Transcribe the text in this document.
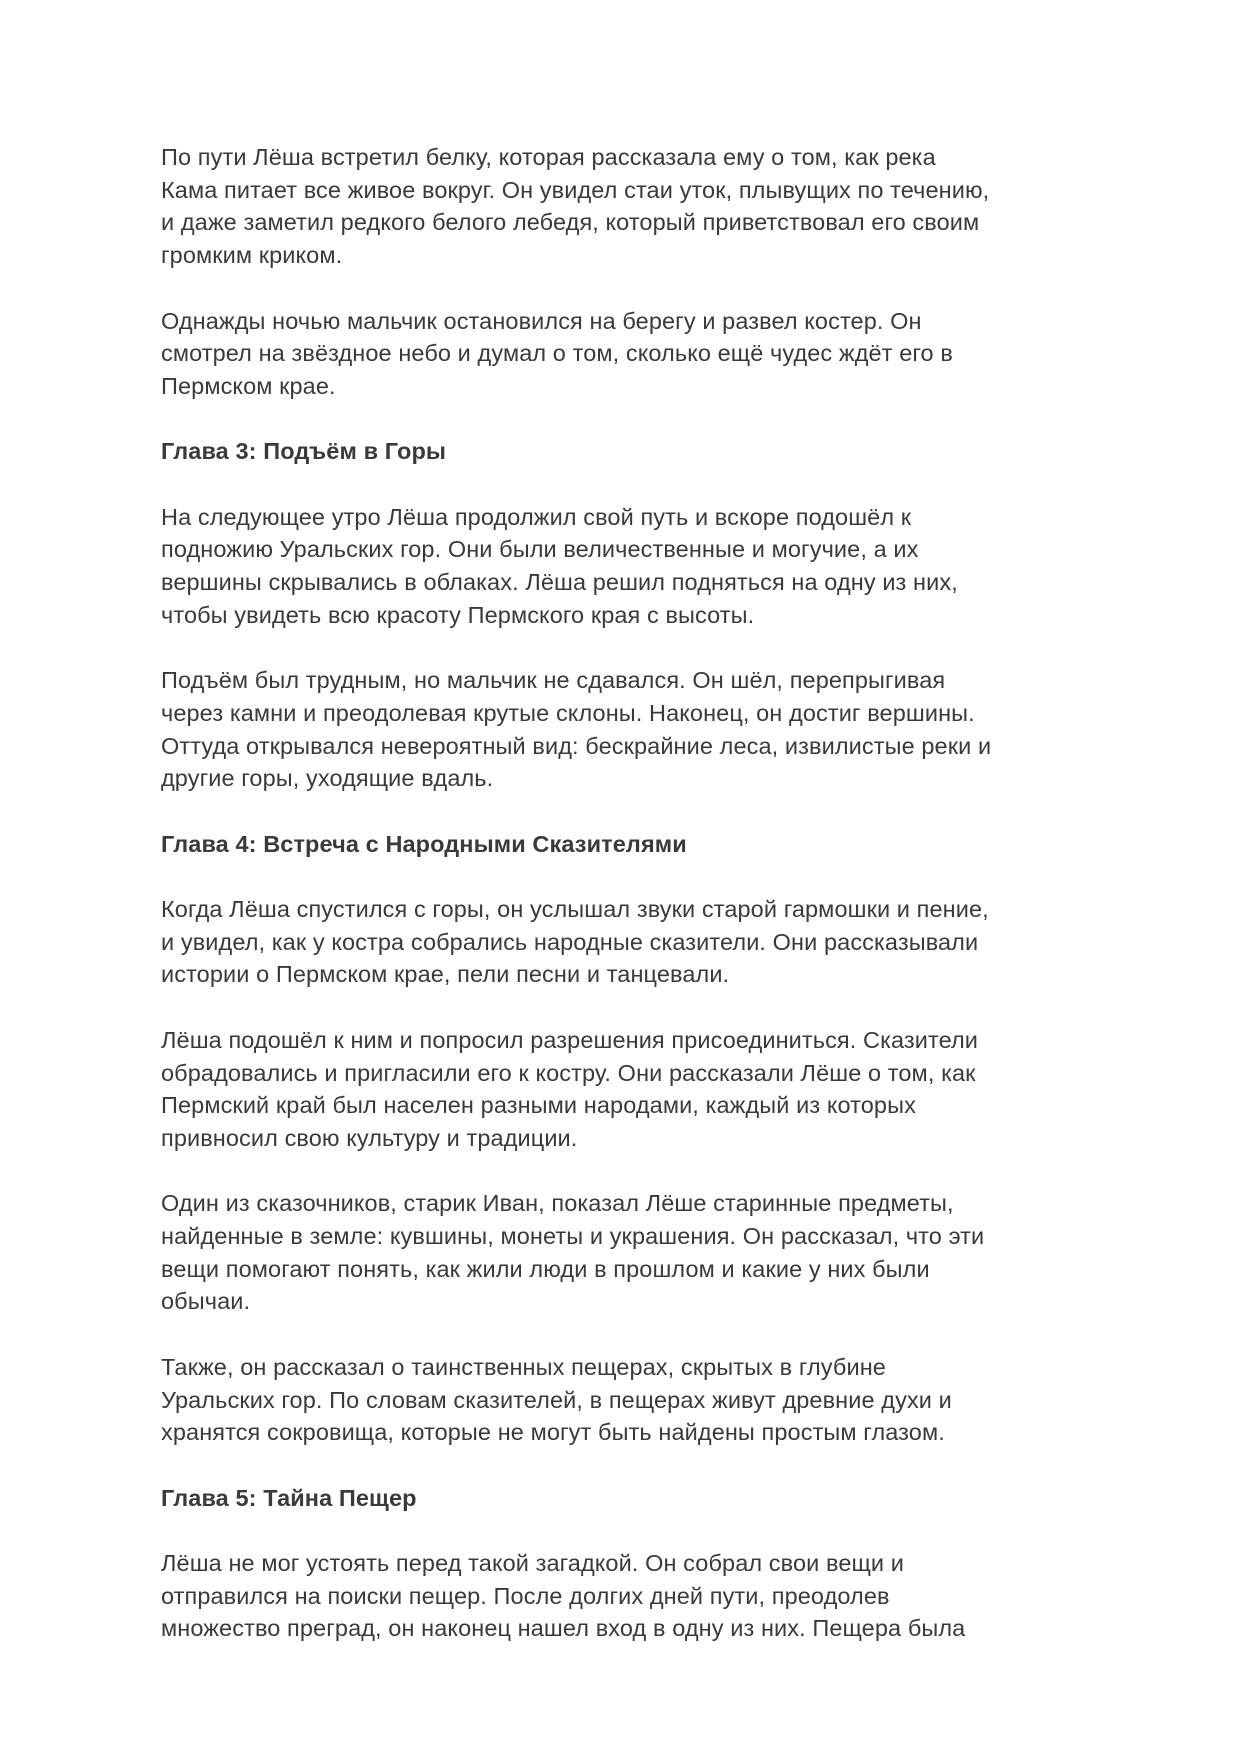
По пути Лёша встретил белку, которая рассказала ему о том, как река
Кама питает все живое вокруг. Он увидел стаи уток, плывущих по течению,
и даже заметил редкого белого лебедя, который приветствовал его своим
громким криком.
Однажды ночью мальчик остановился на берегу и развел костер. Он
смотрел на звёздное небо и думал о том, сколько ещё чудес ждёт его в
Пермском крае.
Глава 3: Подъём в Горы
На следующее утро Лёша продолжил свой путь и вскоре подошёл к
подножию Уральских гор. Они были величественные и могучие, а их
вершины скрывались в облаках. Лёша решил подняться на одну из них,
чтобы увидеть всю красоту Пермского края с высоты.
Подъём был трудным, но мальчик не сдавался. Он шёл, перепрыгивая
через камни и преодолевая крутые склоны. Наконец, он достиг вершины.
Оттуда открывался невероятный вид: бескрайние леса, извилистые реки и
другие горы, уходящие вдаль.
Глава 4: Встреча с Народными Сказителями
Когда Лёша спустился с горы, он услышал звуки старой гармошки и пение,
и увидел, как у костра собрались народные сказители. Они рассказывали
истории о Пермском крае, пели песни и танцевали.
Лёша подошёл к ним и попросил разрешения присоединиться. Сказители
обрадовались и пригласили его к костру. Они рассказали Лёше о том, как
Пермский край был населен разными народами, каждый из которых
привносил свою культуру и традиции.
Один из сказочников, старик Иван, показал Лёше старинные предметы,
найденные в земле: кувшины, монеты и украшения. Он рассказал, что эти
вещи помогают понять, как жили люди в прошлом и какие у них были
обычаи.
Также, он рассказал о таинственных пещерах, скрытых в глубине
Уральских гор. По словам сказителей, в пещерах живут древние духи и
хранятся сокровища, которые не могут быть найдены простым глазом.
Глава 5: Тайна Пещер
Лёша не мог устоять перед такой загадкой. Он собрал свои вещи и
отправился на поиски пещер. После долгих дней пути, преодолев
множество преград, он наконец нашел вход в одну из них. Пещера была
